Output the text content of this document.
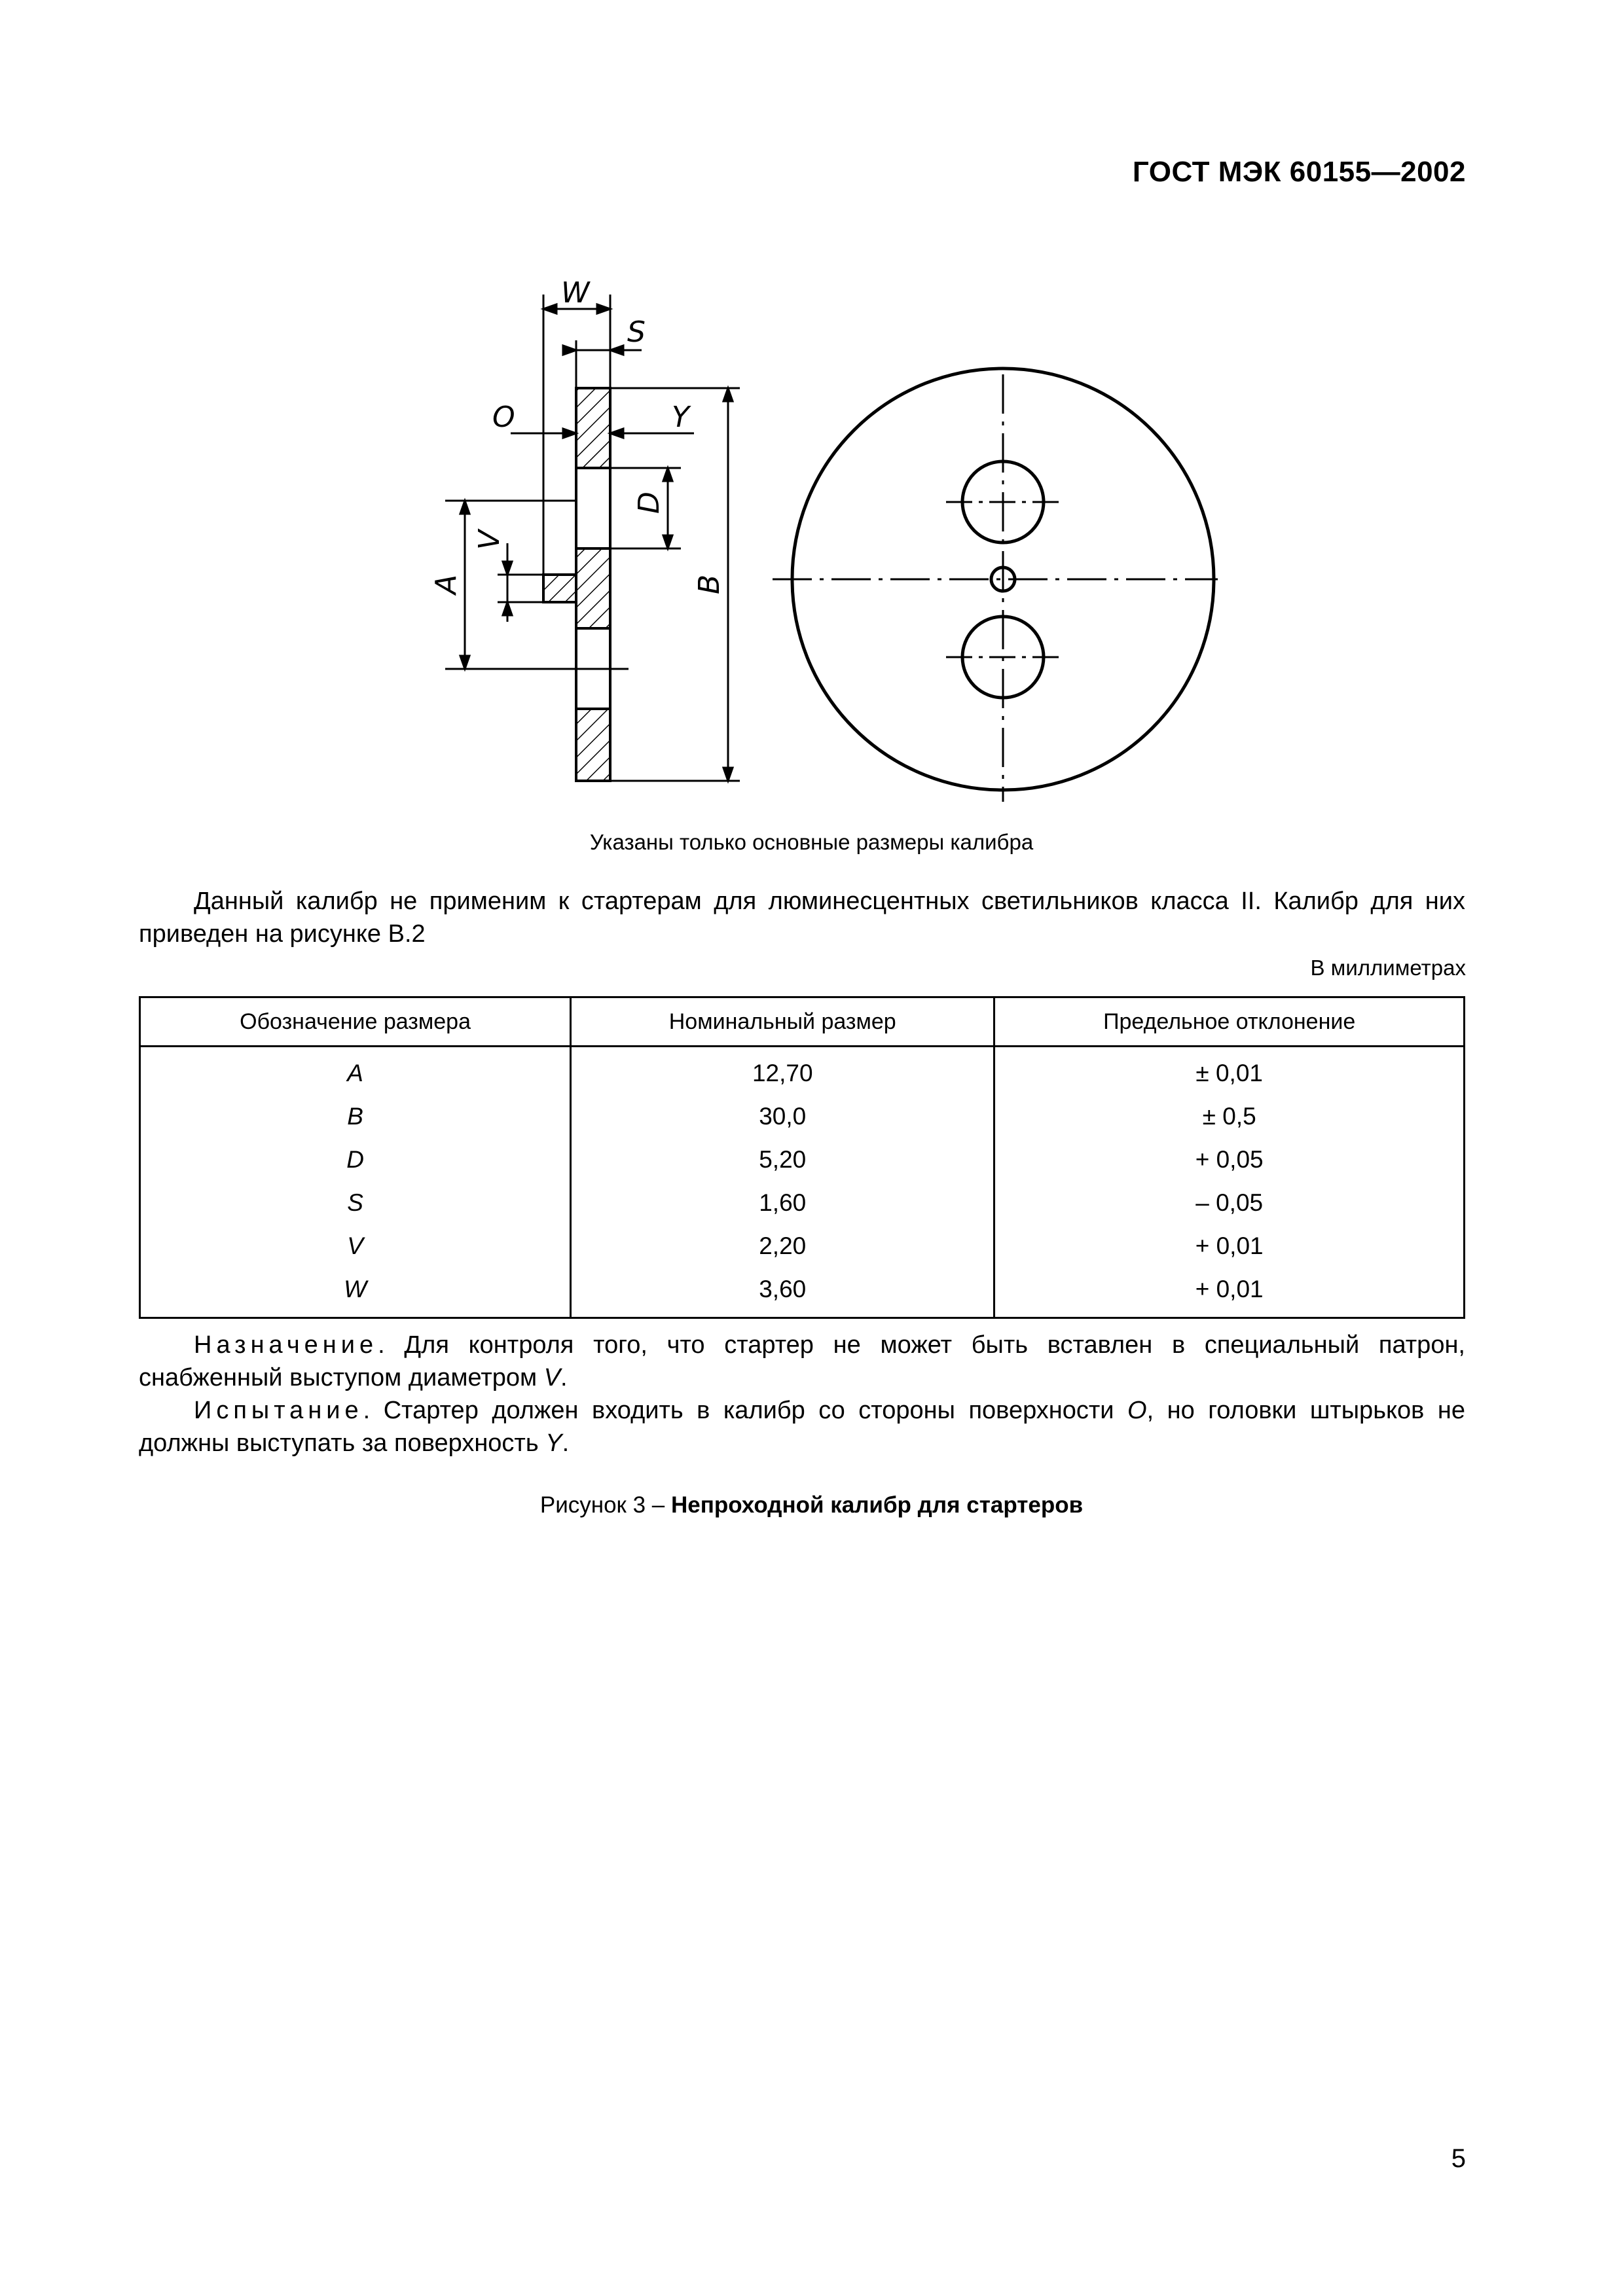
ГОСТ МЭК 60155—2002
W
S
O	Y
D
V
A	B
Указаны только основные размеры калибра
Данный калибр не применим к стартерам для люминесцентных светильников класса II. Калибр для них приведен на рисунке В.2
В миллиметрах
Обозначение размера	Номинальный размер	Предельное отклонение
A	12,70	± 0,01
B	30,0	± 0,5
D	5,20	+ 0,05
S	1,60	– 0,05
V	2,20	+ 0,01
W	3,60	+ 0,01
Назначение. Для контроля того, что стартер не может быть вставлен в специальный патрон, снабженный выступом диаметром V.
Испытание. Стартер должен входить в калибр со стороны поверхности O, но головки штырьков не должны выступать за поверхность Y.
Рисунок 3 – Непроходной калибр для стартеров
5
